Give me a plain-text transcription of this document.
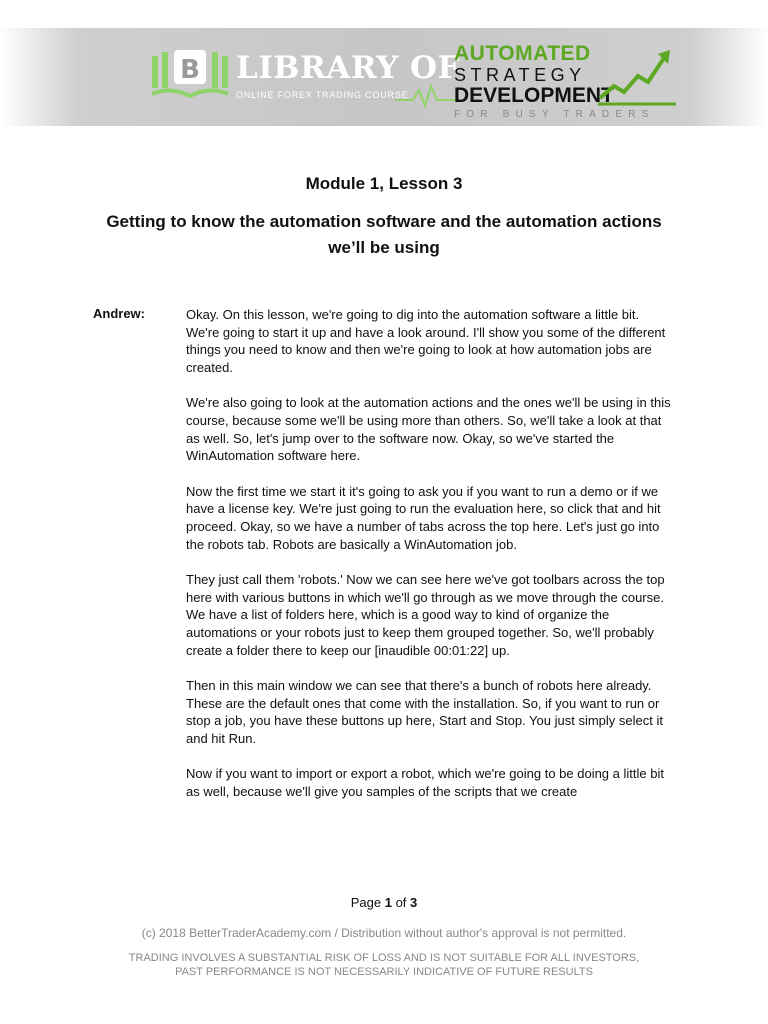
B LIBRARY OF
ONLINE FOREX TRADING COURSE
AUTOMATED
STRATEGY
DEVELOPMENT
FOR BUSY TRADERS
Module 1, Lesson 3
Getting to know the automation software and the automation actions we’ll be using
Andrew:	Okay. On this lesson, we're going to dig into the automation software a little bit. We're going to start it up and have a look around. I'll show you some of the different things you need to know and then we're going to look at how automation jobs are created.

We're also going to look at the automation actions and the ones we'll be using in this course, because some we'll be using more than others. So, we'll take a look at that as well. So, let's jump over to the software now. Okay, so we've started the WinAutomation software here.

Now the first time we start it it's going to ask you if you want to run a demo or if we have a license key. We're just going to run the evaluation here, so click that and hit proceed. Okay, so we have a number of tabs across the top here. Let's just go into the robots tab. Robots are basically a WinAutomation job.

They just call them 'robots.' Now we can see here we've got toolbars across the top here with various buttons in which we'll go through as we move through the course. We have a list of folders here, which is a good way to kind of organize the automations or your robots just to keep them grouped together. So, we'll probably create a folder there to keep our [inaudible 00:01:22] up.

Then in this main window we can see that there's a bunch of robots here already. These are the default ones that come with the installation. So, if you want to run or stop a job, you have these buttons up here, Start and Stop. You just simply select it and hit Run.

Now if you want to import or export a robot, which we're going to be doing a little bit as well, because we'll give you samples of the scripts that we create

Page 1 of 3
(c) 2018 BetterTraderAcademy.com / Distribution without author's approval is not permitted.
TRADING INVOLVES A SUBSTANTIAL RISK OF LOSS AND IS NOT SUITABLE FOR ALL INVESTORS,
PAST PERFORMANCE IS NOT NECESSARILY INDICATIVE OF FUTURE RESULTS
